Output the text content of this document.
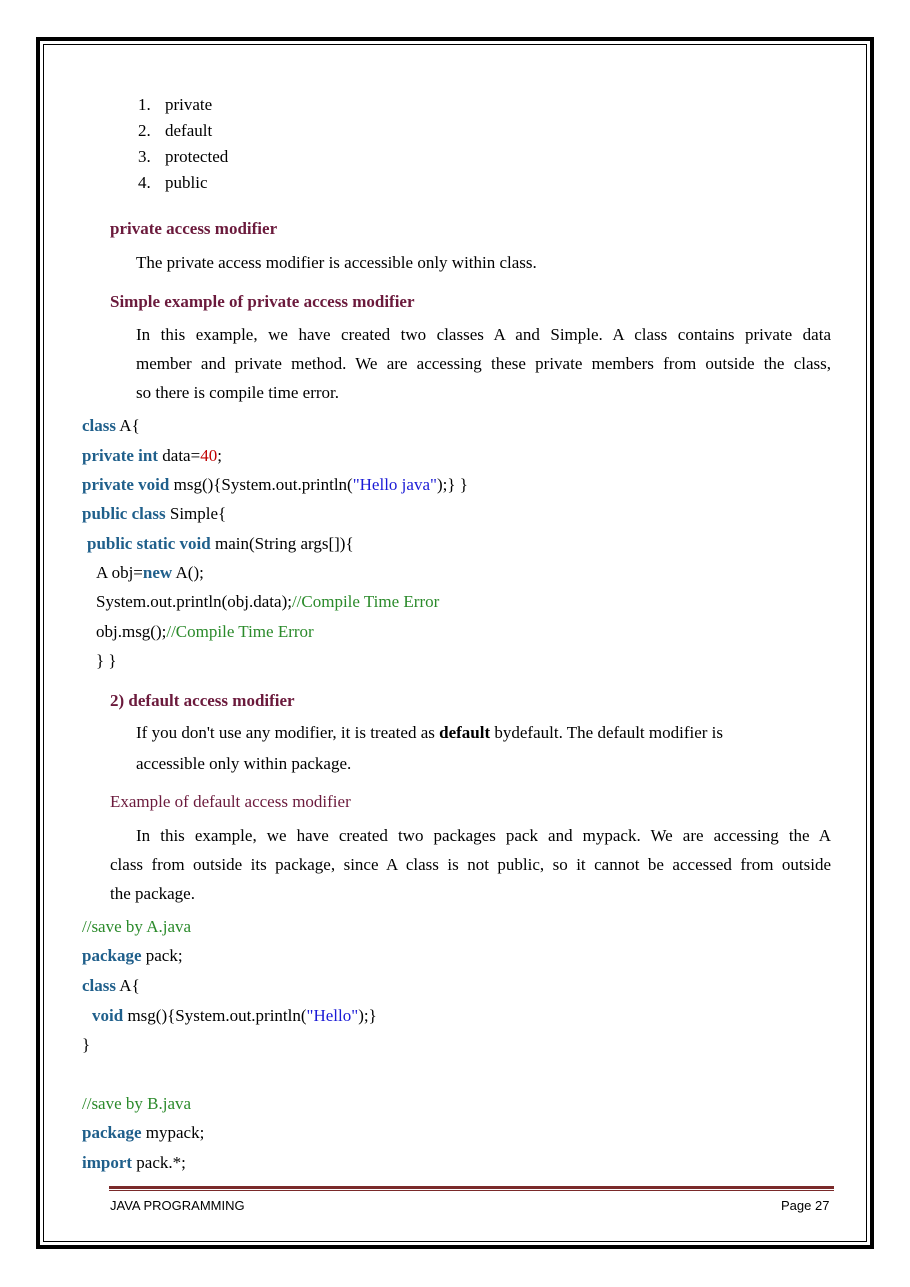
1. private
2. default
3. protected
4. public
private access modifier
The private access modifier is accessible only within class.
Simple example of private access modifier
In this example, we have created two classes A and Simple. A class contains private data
member and private method. We are accessing these private members from outside the class,
so there is compile time error.
class A{
private int data=40;
private void msg(){System.out.println("Hello java");} }
public class Simple{
public static void main(String args[]){
A obj=new A();
System.out.println(obj.data);//Compile Time Error
obj.msg();//Compile Time Error
} }
2) default access modifier
If you don't use any modifier, it is treated as default bydefault. The default modifier is
accessible only within package.
Example of default access modifier
In this example, we have created two packages pack and mypack. We are accessing the A
class from outside its package, since A class is not public, so it cannot be accessed from outside
the package.
//save by A.java
package pack;
class A{
void msg(){System.out.println("Hello");}
}
//save by B.java
package mypack;
import pack.*;
JAVA PROGRAMMING	Page 27
